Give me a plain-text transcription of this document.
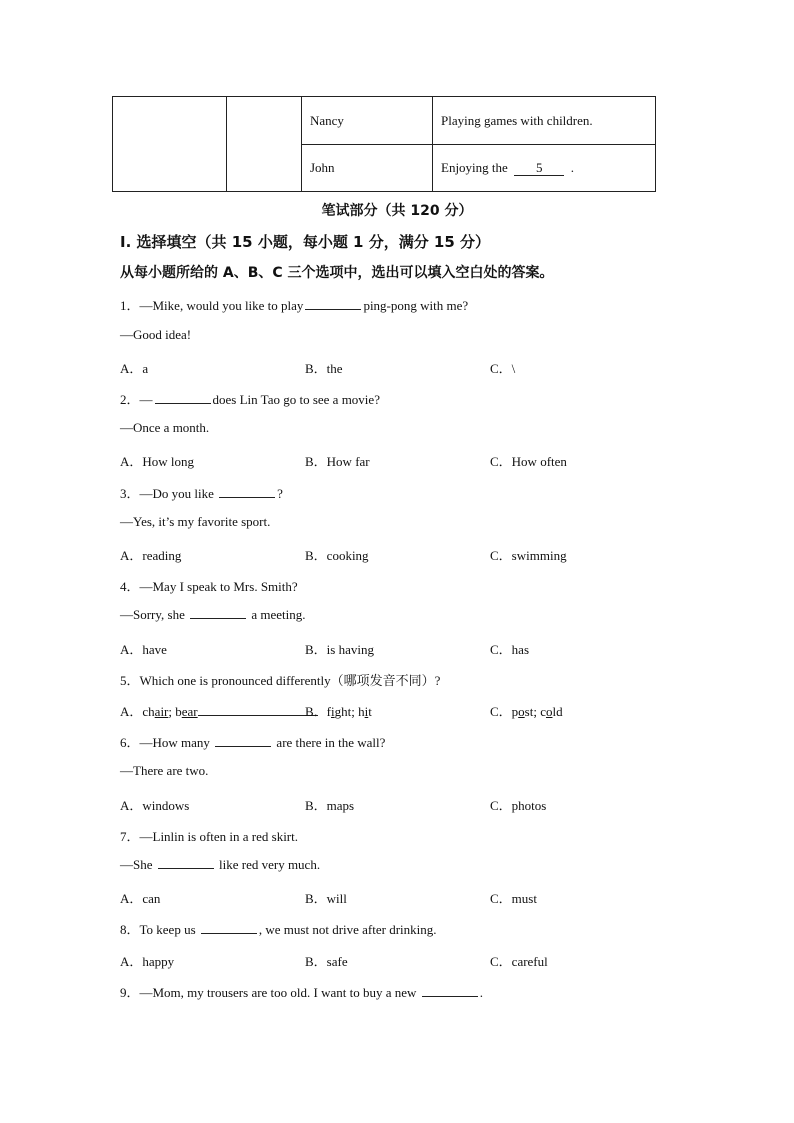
		Nancy	Playing games with children.
		John	Enjoying the 5 .
笔试部分（共 120 分）
Ⅰ. 选择填空（共 15 小题，每小题 1 分，满分 15 分）
从每小题所给的 A、B、C 三个选项中，选出可以填入空白处的答案。
1．—Mike, would you like to play	ping-pong with me?
—Good idea!
A．a	B．the	C．\
2．—	does Lin Tao go to see a movie?
—Once a month.
A．How long	B．How far	C．How often
3．—Do you like	?
—Yes, it’s my favorite sport.
A．reading	B．cooking	C．swimming
4．—May I speak to Mrs. Smith?
—Sorry, she	a meeting.
A．have	B．is having	C．has
5．Which one is pronounced differently（哪项发音不同）?
A．chair; bear	B．fight; hit	C．post; cold
6．—How many	are there in the wall?
—There are two.
A．windows	B．maps	C．photos
7．—Linlin is often in a red skirt.
—She	like red very much.
A．can	B．will	C．must
8．To keep us	, we must not drive after drinking.
A．happy	B．safe	C．careful
9．—Mom, my trousers are too old. I want to buy a new	.
